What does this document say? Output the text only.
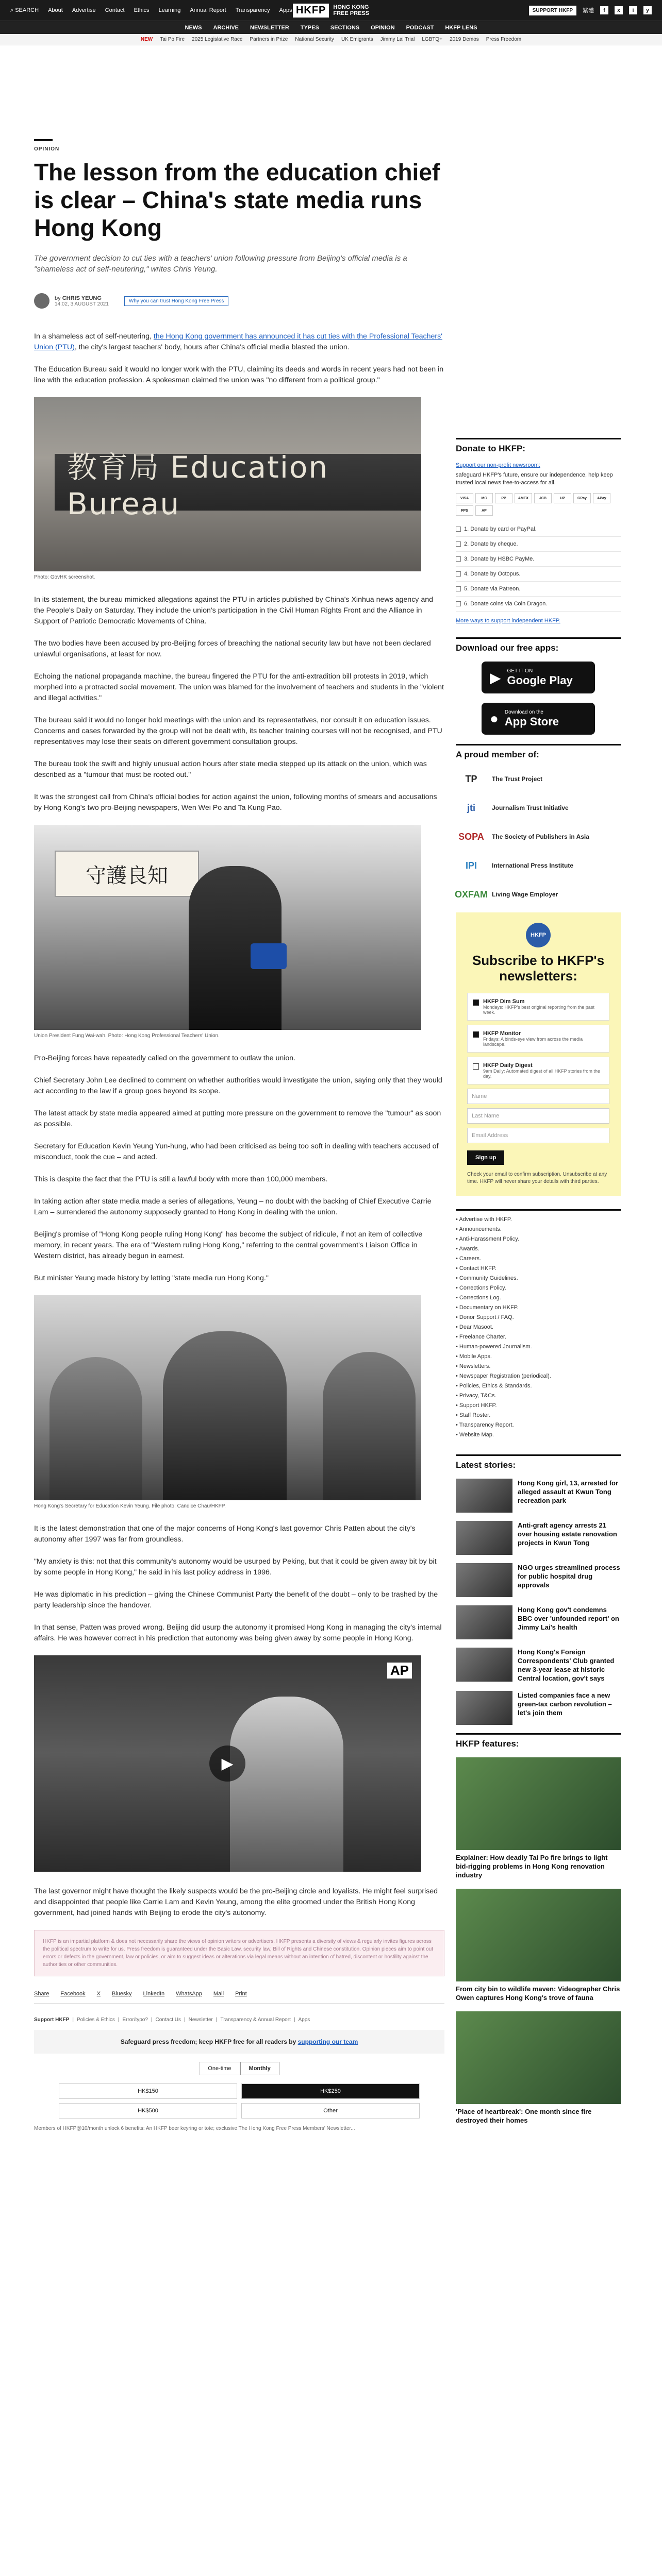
⌕ SEARCH About Advertise Contact Ethics Learning Annual Report Transparency Apps HKFP	HONG KONG
FREE PRESS	SUPPORT HKFP	繁體	f	x	i	y
NEWS ARCHIVE NEWSLETTER TYPES SECTIONS OPINION PODCAST HKFP LENS
NEW Tai Po Fire 2025 Legislative Race Partners in Prize National Security UK Emigrants Jimmy Lai Trial LGBTQ+ 2019 Demos Press Freedom
OPINION
The lesson from the education chief is clear – China's state media runs Hong Kong

The government decision to cut ties with a teachers' union following pressure from Beijing's official media is a "shameless act of self-neutering," writes Chris Yeung.

by CHRIS YEUNG
14:02, 3 AUGUST 2021
Why you can trust Hong Kong Free Press

In a shameless act of self-neutering, the Hong Kong government has announced it has cut ties with the Professional Teachers' Union (PTU), the city's largest teachers' body, hours after China's official media blasted the union.

The Education Bureau said it would no longer work with the PTU, claiming its deeds and words in recent years had not been in line with the education profession. A spokesman claimed the union was "no different from a political group."

教育局 Education Bureau
Photo: GovHK screenshot.

In its statement, the bureau mimicked allegations against the PTU in articles published by China's Xinhua news agency and the People's Daily on Saturday. They include the union's participation in the Civil Human Rights Front and the Alliance in Support of Patriotic Democratic Movements of China.

The two bodies have been accused by pro-Beijing forces of breaching the national security law but have not been declared unlawful organisations, at least for now.

Echoing the national propaganda machine, the bureau fingered the PTU for the anti-extradition bill protests in 2019, which morphed into a protracted social movement. The union was blamed for the involvement of teachers and students in the "violent and illegal activities."

The bureau said it would no longer hold meetings with the union and its representatives, nor consult it on education issues. Concerns and cases forwarded by the group will not be dealt with, its teacher training courses will not be recognised, and PTU representatives may lose their seats on different government consultation groups.

The bureau took the swift and highly unusual action hours after state media stepped up its attack on the union, which was described as a "tumour that must be rooted out."

It was the strongest call from China's official bodies for action against the union, following months of smears and accusations by Hong Kong's two pro-Beijing newspapers, Wen Wei Po and Ta Kung Pao.

守護良知
Union President Fung Wai-wah. Photo: Hong Kong Professional Teachers' Union.

Pro-Beijing forces have repeatedly called on the government to outlaw the union.

Chief Secretary John Lee declined to comment on whether authorities would investigate the union, saying only that they would act according to the law if a group goes beyond its scope.

The latest attack by state media appeared aimed at putting more pressure on the government to remove the "tumour" as soon as possible.

Secretary for Education Kevin Yeung Yun-hung, who had been criticised as being too soft in dealing with teachers accused of misconduct, took the cue – and acted.

This is despite the fact that the PTU is still a lawful body with more than 100,000 members.

In taking action after state media made a series of allegations, Yeung – no doubt with the backing of Chief Executive Carrie Lam – surrendered the autonomy supposedly granted to Hong Kong in dealing with the union.

Beijing's promise of "Hong Kong people ruling Hong Kong" has become the subject of ridicule, if not an item of collective memory, in recent years. The era of "Western ruling Hong Kong," referring to the central government's Liaison Office in Western district, has already begun in earnest.

But minister Yeung made history by letting "state media run Hong Kong."

Hong Kong's Secretary for Education Kevin Yeung. File photo: Candice Chau/HKFP.

It is the latest demonstration that one of the major concerns of Hong Kong's last governor Chris Patten about the city's autonomy after 1997 was far from groundless.

"My anxiety is this: not that this community's autonomy would be usurped by Peking, but that it could be given away bit by bit by some people in Hong Kong," he said in his last policy address in 1996.

He was diplomatic in his prediction – giving the Chinese Communist Party the benefit of the doubt – only to be trashed by the party leadership since the handover.

In that sense, Patten was proved wrong. Beijing did usurp the autonomy it promised Hong Kong in managing the city's internal affairs. He was however correct in his prediction that autonomy was being given away by some people in Hong Kong.

AP
▶

The last governor might have thought the likely suspects would be the pro-Beijing circle and loyalists. He might feel surprised and disappointed that people like Carrie Lam and Kevin Yeung, among the elite groomed under the British Hong Kong government, had joined hands with Beijing to erode the city's autonomy.

HKFP is an impartial platform & does not necessarily share the views of opinion writers or advertisers. HKFP presents a diversity of views & regularly invites figures across the political spectrum to write for us. Press freedom is guaranteed under the Basic Law, security law, Bill of Rights and Chinese constitution. Opinion pieces aim to point out errors or defects in the government, law or policies, or aim to suggest ideas or alterations via legal means without an intention of hatred, discontent or hostility against the authorities or other communities.
Share Facebook X Bluesky LinkedIn WhatsApp Mail Print
Support HKFP | Policies & Ethics | Error/typo? | Contact Us | Newsletter | Transparency & Annual Report | Apps
Safeguard press freedom; keep HKFP free for all readers by supporting our team
One-time	Monthly
HK$150	HK$250
HK$500	Other

Members of HKFP@10/month unlock 6 benefits: An HKFP beer keyring or tote; exclusive The Hong Kong Free Press Members' Newsletter...

Donate to HKFP:
Support our non-profit newsroom:

safeguard HKFP's future, ensure our independence, help keep trusted local news free-to-access for all.

VISA	MC	PP	AMEX	JCB	UP	GPay	APay
FPS	AP
1. Donate by card or PayPal.
2. Donate by cheque.
3. Donate by HSBC PayMe.
4. Donate by Octopus.
5. Donate via Patreon.
6. Donate coins via Coin Dragon.
More ways to support independent HKFP.
Download our free apps:
▶ GET IT ON
Google Play
● Download on the
App Store
A proud member of:
TP	The Trust Project
jti	Journalism Trust Initiative
SOPA	The Society of Publishers in Asia
IPI	International Press Institute
OXFAM Living Wage Employer
HKFP
Subscribe to HKFP's newsletters:
HKFP Dim Sum
Mondays: HKFP's best original reporting from the past week.
HKFP Monitor
Fridays: A binds-eye view from across the media landscape.
HKFP Daily Digest
9am Daily: Automated digest of all HKFP stories from the day.
Name
Last Name
Email Address
Sign up

Check your email to confirm subscription. Unsubscribe at any time. HKFP will never share your details with third parties.

• Advertise with HKFP.
• Announcements.
• Anti-Harassment Policy.
• Awards.
• Careers.
• Contact HKFP.
• Community Guidelines.
• Corrections Policy.
• Corrections Log.
• Documentary on HKFP.
• Donor Support / FAQ.
• Dear Masoot.
• Freelance Charter.
• Human-powered Journalism.
• Mobile Apps.
• Newsletters.
• Newspaper Registration (periodical).
• Policies, Ethics & Standards.
• Privacy, T&Cs.
• Support HKFP.
• Staff Roster.
• Transparency Report.
• Website Map.
Latest stories:
Hong Kong girl, 13, arrested for alleged assault at Kwun Tong recreation park
Anti-graft agency arrests 21 over housing estate renovation projects in Kwun Tong
NGO urges streamlined process for public hospital drug approvals
Hong Kong gov't condemns BBC over 'unfounded report' on Jimmy Lai's health
Hong Kong's Foreign Correspondents' Club granted new 3-year lease at historic Central location, gov't says
Listed companies face a new green-tax carbon revolution – let's join them
HKFP features:
Explainer: How deadly Tai Po fire brings to light bid-rigging problems in Hong Kong renovation industry
From city bin to wildlife maven: Videographer Chris Owen captures Hong Kong's trove of fauna
'Place of heartbreak': One month since fire destroyed their homes
